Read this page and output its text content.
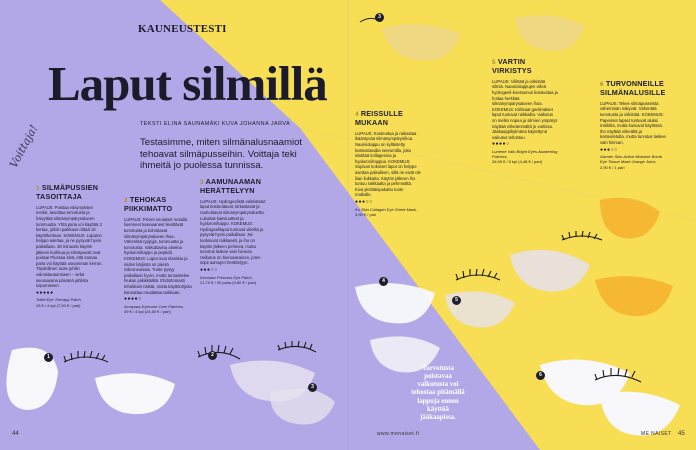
3
4
5
6
1	2
3

KAUNEUSTESTI

Laput silmillä

TEKSTI ELINA SAUNAMÄKI KUVA JOHANNA JARVA

Testasimme, miten silmänalusnaamiot tehoavat silmäpusseihin. Voittaja teki ihmeitä jo puolessa tunnissa.

Voittaja!

1 SILMÄPUSSIEN TASOITTAJA
LUPAUS: Poistaa väsymyksen merkit, tasoittaa turvotusta ja häivyttää silmänympärysalueen tummuutta. Yhtä paria voi käyttää 3 kertaa, jolloin paikkaus riittää 18 käyttökertaan. KOKEMUS: Laputon helppo asettaa, ja ne pysyvät hyvin paikallaan. 30 minuutin käytön jälkeen kurkkua ja silmäpussit ovat poissa! Plussaa siitä, että samaa paria voi käyttää useamman kerran. Täydellinen tuote juhliin valmistautumiseen – sekä seuraavana päivänä juhlista toipumiseen.
●●●●●
Tolfet Eye Therapy Patch,
43 € / 4 kpl (7,50 € / pari)
2 TEHOKAS PIIKKIMATTO
LUPAUS: Pienet neulaiset mutalla liuenneet kasvuaineet lievittävät turvotusta ja kohottavat silmänympärysalueen ihoa. Vähentää ryppyjä, tummuutta ja turvotusta. Vaikuttavina aineina hyaluronihappo ja peptidit. KOKEMUS: Laput ovat elastisia ja niiden kärjissä on pieniä mikroneulasia. Tuote pysyy paikallaan hyvin, mutta tunnustelee hiukan piikikkäältä. Ehdottomasti tehokkain näistä, mutta käyttöohjeita kannattaa noudattaa tarkkaan.
●●●●○
Acropass Eyecone Care Patches,
49 € / 4 kpl (24,50 € / pari)
3 AAMUNAAMAN HERÄTTELYYN
LUPAUS: Hydrogeelistä valmistetut laput kosteuttavat, kirkastavat ja rauhoittavat silmänympärysaluetta. Lukuisat kasviuutteet ja hyaluronihappo. KOKEMUS: Hydrogeelilaput tuntuvat viileiltä ja pysyvät hyvin paikallaan. Ne tuoksuvat raikkaasti, ja iho on käytön jälkeen pehmeä, mutta turvotus laskee vain hieman. Vaikutus on hienovarainen, joten sopii aamujen herättelyyn.
●●●○○
Kocostar Princess Eye Patch,
21,70 € / 30 paria (0,80 € / pari)
4 REISSULLE MUKAAN
LUPAUS: Kosteuttaa ja raikastaa ikääntyvää silmänympärysihoa. Naamiolappu on kyllästetty kosteuttavalla seerumilla, joka sisältää kollageenia ja hyaluronihappoa. KOKEMUS: Sopivan kokoiset laput on helppo asettaa paikalleen, sillä ne eivät ole liian liukkaita. Käytön jälkeen iho tuntuu raikkaalta ja pehmeältä. Kiva yksittäispakattu tuote matkalle.
●●●○○
It's Skin Collagen Eye Sheet Mask,
3,90 € / pari
5 VARTIN VIRKISTYS
LUPAUS: Viilittää ja virkistää silmiä. Naamiolappujen viileä hydrogeeli-koostumus kosteuttaa ja hoitaa herkkää silmänympärysalueen ihoa. KOKEMUS: Kirkkaat geelimäiset laput tuntuvat raikkailta. Vaikutus on melko nopea ja silmien ympärys näyttää virkeämmältä jo vartissa. Jääkaappikylmänä käytettynä vaikutus tehostuu.
●●●●○
Lumene Valo Bright Eyes Awakening Patches,
26,90 € / 6 kpl (4,48 € / pari)
6 TURVONNEILLE SILMÄNALUSILLE
LUPAUS: Tekee silmäpusseista vähemmän näkyvät. Vähentää turvotusta ja virkistää. KOKEMUS: Paperiset lapset tuntuvat aluksi märkiltä, mutta kuivuvat käytössä. Iho näyttää virkeältä ja kosteutetulta, mutta turvotus laskee vain hieman.
●●●○○
Garnier Skin Active Moisture Bomb Eye Tissue Mask Orange Juice,
2,90 € / 1 pari

Turvotusta poistavaa vaikutusta voi tehostaa pitämällä lappuja ennen käyttöä jääkaapissa.

44	www.menaiset.fi	ME NAISET 45
